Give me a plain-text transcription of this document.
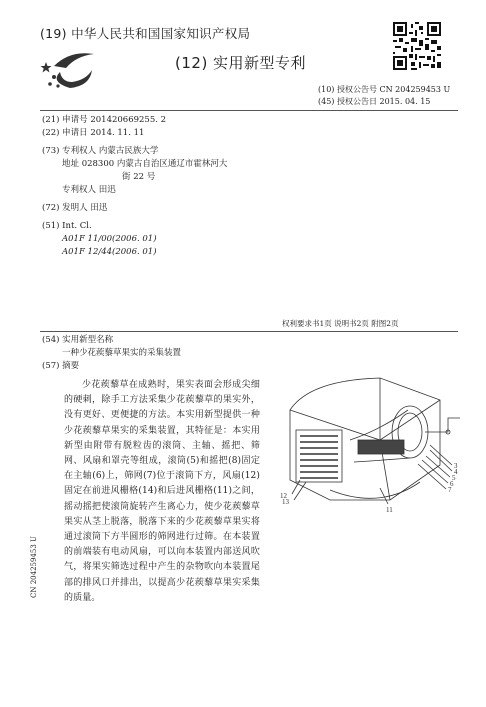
(19) 中华人民共和国国家知识产权局
(12) 实用新型专利
(10) 授权公告号 CN 204259453 U
(45) 授权公告日 2015. 04. 15
(21) 申请号 201420669255. 2
(22) 申请日 2014. 11. 11
(73) 专利权人 内蒙古民族大学
地址 028300 内蒙古自治区通辽市霍林河大
街 22 号
专利权人 田迅
(72) 发明人 田迅
(51) Int. Cl.
A01F 11/00(2006. 01)
A01F 12/44(2006. 01)
权利要求书1页 说明书2页 附图2页
(54) 实用新型名称
一种少花蒺藜草果实的采集装置
(57) 摘要

少花蒺藜草在成熟时，果实表面会形成尖细的硬刺，除手工方法采集少花蒺藜草的果实外，没有更好、更便捷的方法。本实用新型提供一种少花蒺藜草果实的采集装置，其特征是：本实用新型由附带有脱粒齿的滚筒、主轴、摇把、筛网、风扇和罩壳等组成，滚筒(5)和摇把(8)固定在主轴(6)上，筛网(7)位于滚筒下方，风扇(12)固定在前进风栅格(14)和后进风栅格(11)之间，摇动摇把使滚筒旋转产生离心力，使少花蒺藜草果实从茎上脱落，脱落下来的少花蒺藜草果实将通过滚筒下方半圆形的筛网进行过筛。在本装置的前端装有电动风扇，可以向本装置内部送风吹气，将果实筛选过程中产生的杂物吹向本装置尾部的排风口并排出，以提高少花蒺藜草果实采集的质量。

CN 204259453 U
3
4
5
6
7
12
13
11
